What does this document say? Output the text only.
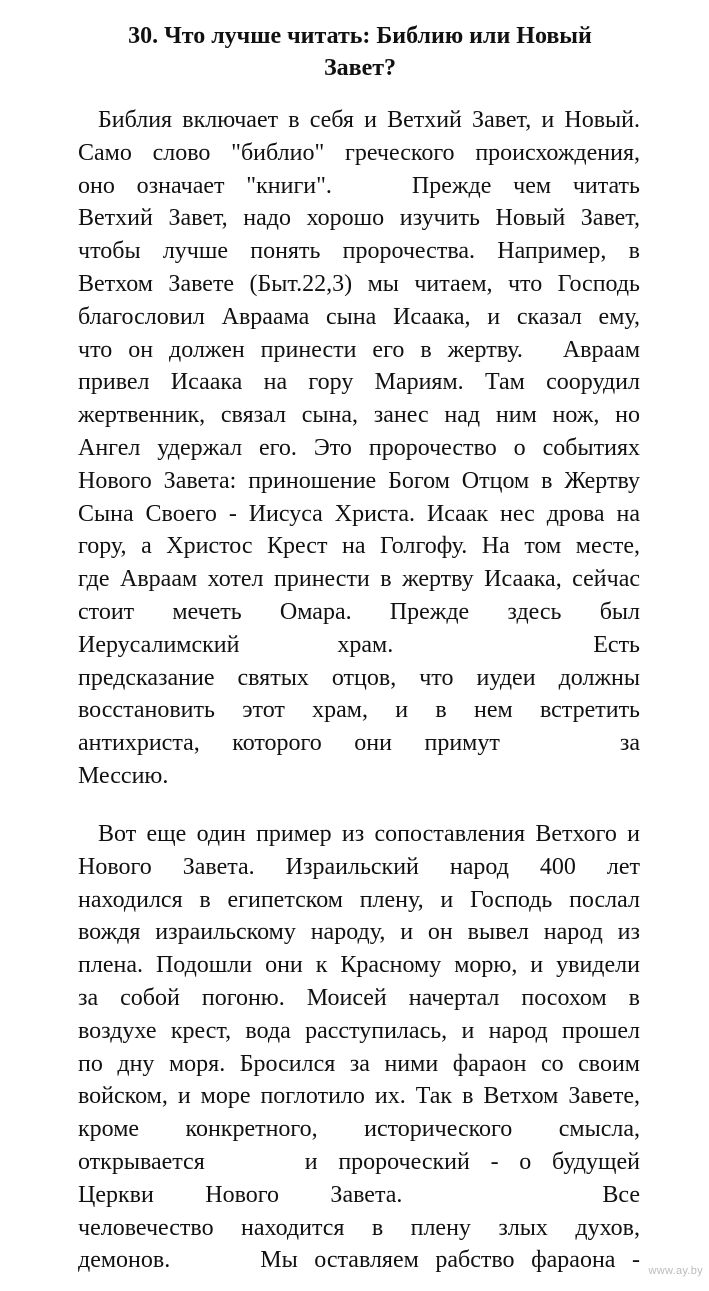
30. Что лучше читать: Библию или Новый
Завет?
Библия включает в себя и Ветхий Завет, и Новый.
Само слово "библио" греческого происхождения,
оно означает "книги".	Прежде чем читать
Ветхий Завет, надо хорошо изучить Новый Завет,
чтобы лучше понять пророчества. Например, в
Ветхом Завете (Быт.22,3) мы читаем, что Господь
благословил Авраама сына Исаака, и сказал ему,
что он должен принести его в жертву. Авраам
привел Исаака на гору Мариям. Там соорудил
жертвенник, связал сына, занес над ним нож, но
Ангел удержал его. Это пророчество о событиях
Нового Завета: приношение Богом Отцом в Жертву
Сына Своего - Иисуса Христа. Исаак нес дрова на
гору, а Христос Крест на Голгофу. На том месте,
где Авраам хотел принести в жертву Исаака, сейчас
стоит мечеть Омара. Прежде здесь был
Иерусалимский храм.	Есть
предсказание святых отцов, что иудеи должны
восстановить этот храм, и в нем встретить
антихриста, которого они примут	за
Мессию.
Вот еще один пример из сопоставления Ветхого и
Нового Завета. Израильский народ 400 лет
находился в египетском плену, и Господь послал
вождя израильскому народу, и он вывел народ из
плена. Подошли они к Красному морю, и увидели
за собой погоню. Моисей начертал посохом в
воздухе крест, вода расступилась, и народ прошел
по дну моря. Бросился за ними фараон со своим
войском, и море поглотило их. Так в Ветхом Завете,
кроме конкретного, исторического смысла,
открывается	и пророческий - о будущей
Церкви Нового Завета.	Все
человечество находится в плену злых духов,
демонов.	Мы оставляем рабство фараона - www.ay.by
